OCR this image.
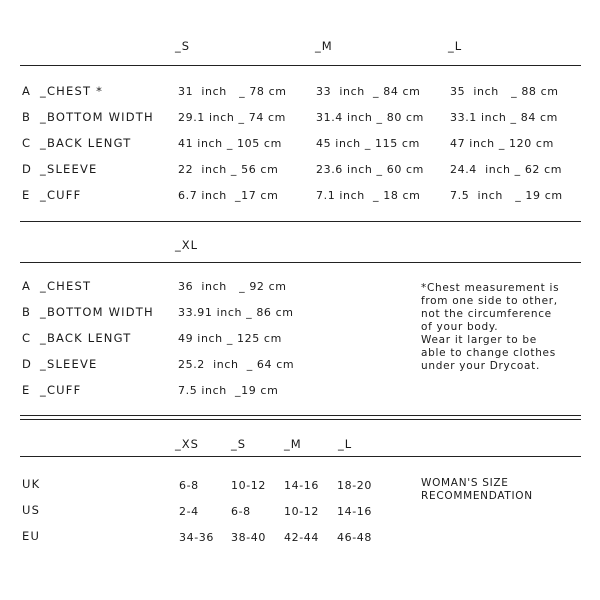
_S	_M	_L
A _CHEST *	31  inch   _ 78 cm	33  inch  _ 84 cm	35  inch   _ 88 cm
B _BOTTOM WIDTH 29.1 inch _ 74 cm	31.4 inch _ 80 cm 33.1 inch _ 84 cm
C _BACK LENGT	41 inch _ 105 cm	45 inch _ 115 cm	47 inch _ 120 cm
D _SLEEVE	22  inch _ 56 cm	23.6 inch _ 60 cm 24.4  inch _ 62 cm
E _CUFF	6.7 inch  _17 cm	7.1 inch  _ 18 cm	7.5  inch   _ 19 cm
_XL
A _CHEST	36  inch   _ 92 cm
B _BOTTOM WIDTH 33.91 inch _ 86 cm
C _BACK LENGT	49 inch _ 125 cm
D _SLEEVE	25.2  inch  _ 64 cm
E _CUFF	7.5 inch  _19 cm
*Chest measurement is
from one side to other,
not the circumference
of your body.
Wear it larger to be
able to change clothes
under your Drycoat.
_XS	_S	_M	_L
UK	6-8	10-12 14-16 18-20
US	2-4	6-8	10-12 14-16
EU	34-36 38-40 42-44 46-48
WOMAN'S SIZE
RECOMMENDATION
